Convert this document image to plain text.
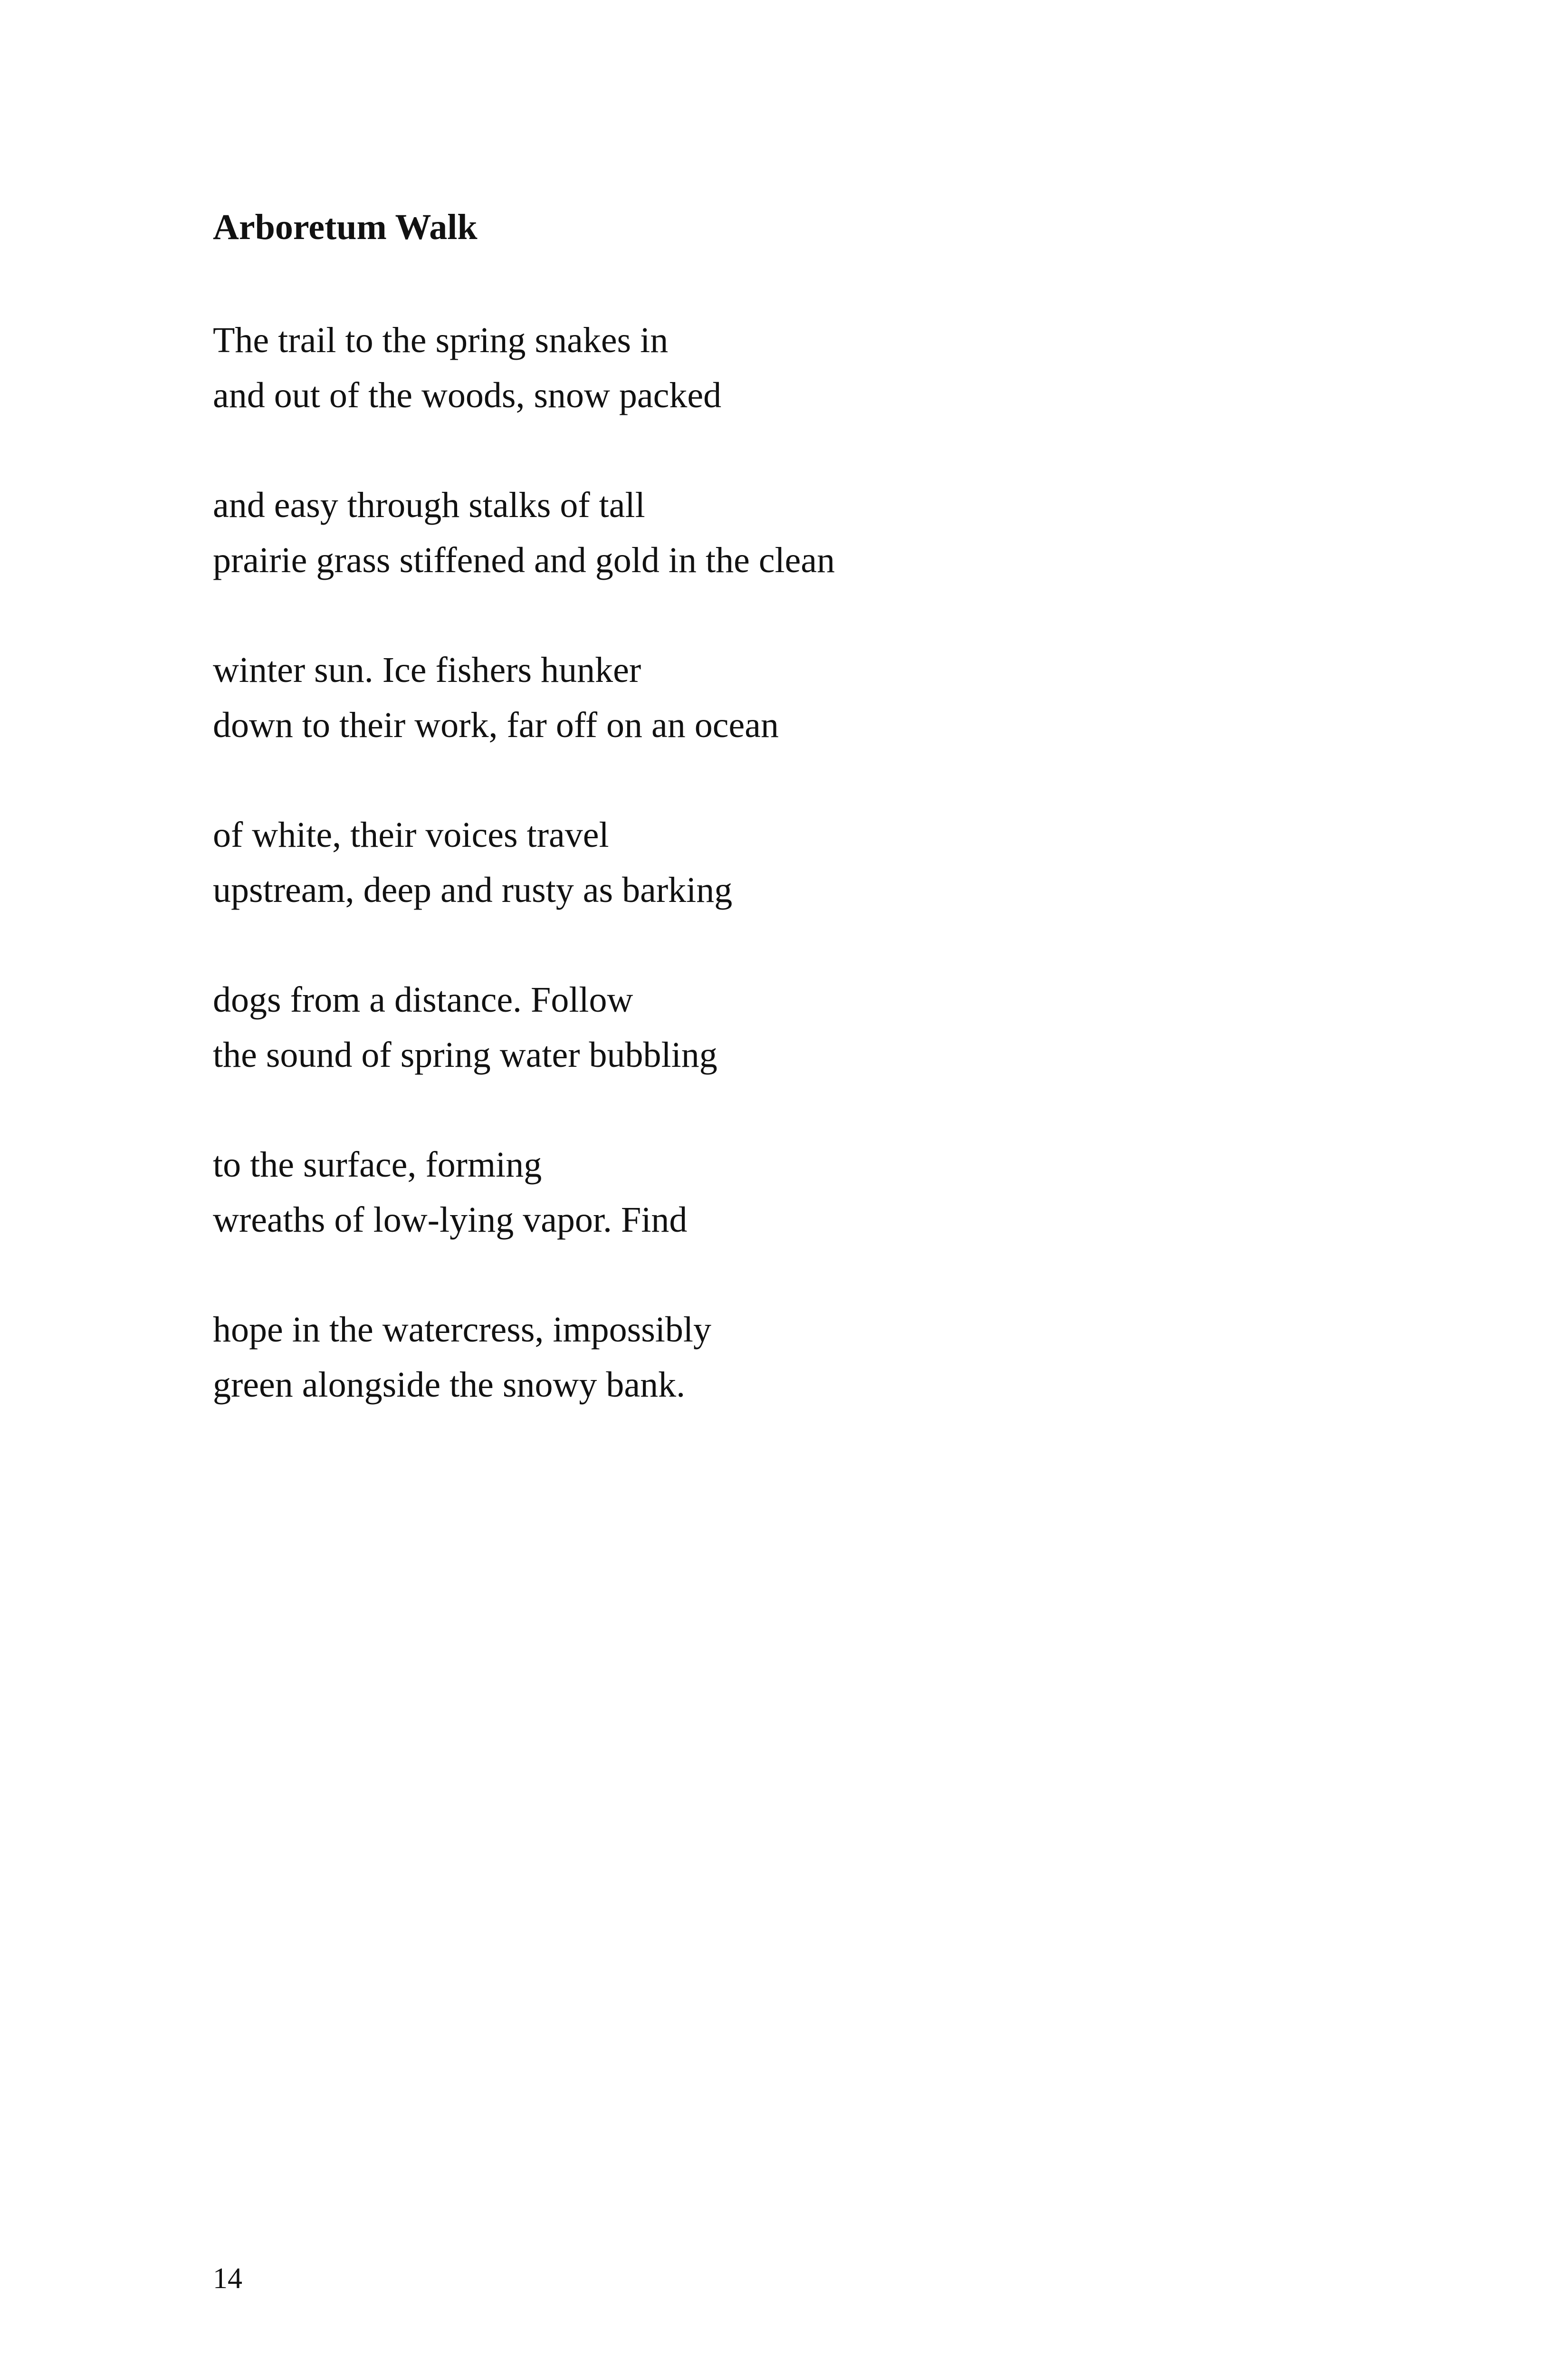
Arboretum Walk
The trail to the spring snakes in
and out of the woods, snow packed
and easy through stalks of tall
prairie grass stiffened and gold in the clean
winter sun. Ice fishers hunker
down to their work, far off on an ocean
of white, their voices travel
upstream, deep and rusty as barking
dogs from a distance. Follow
the sound of spring water bubbling
to the surface, forming
wreaths of low-lying vapor. Find
hope in the watercress, impossibly
green alongside the snowy bank.
14
